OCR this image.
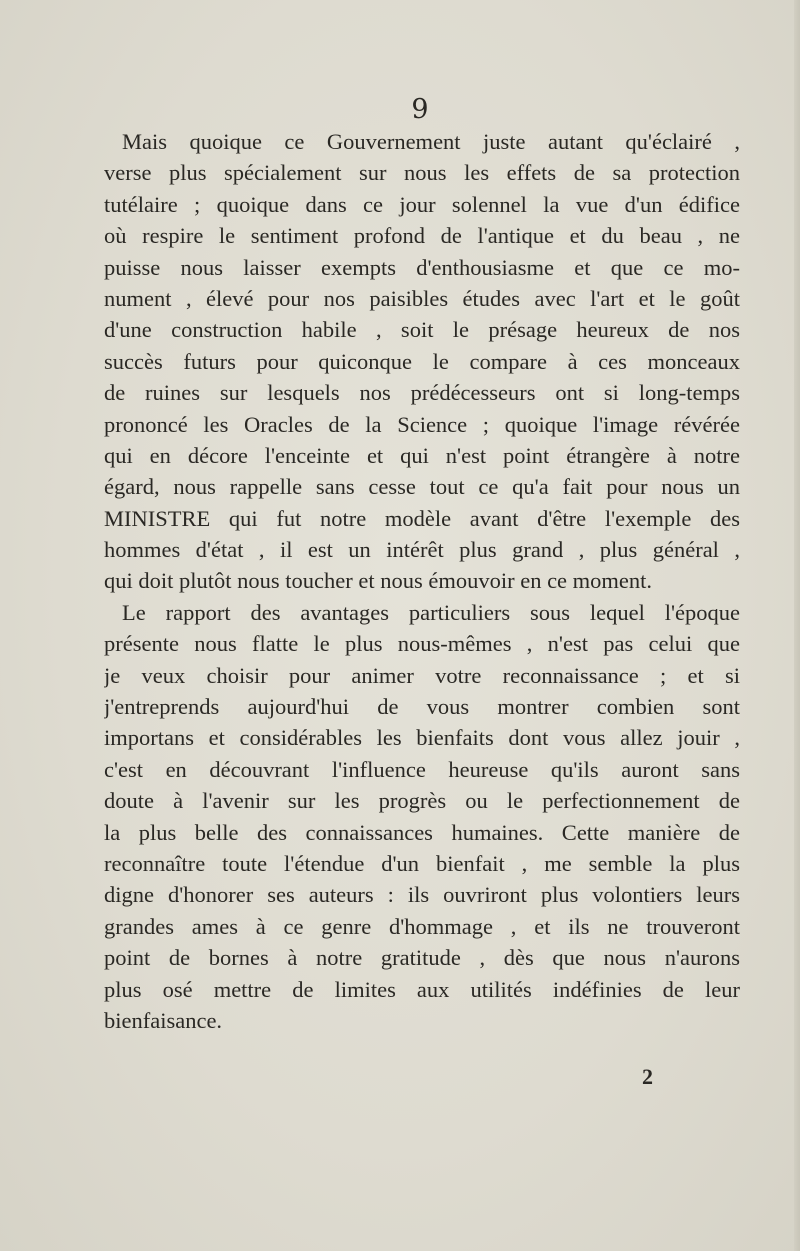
9
Mais quoique ce Gouvernement juste autant qu'éclairé ,
verse plus spécialement sur nous les effets de sa protection
tutélaire ; quoique dans ce jour solennel la vue d'un édifice
où respire le sentiment profond de l'antique et du beau , ne
puisse nous laisser exempts d'enthousiasme et que ce mo-
nument , élevé pour nos paisibles études avec l'art et le goût
d'une construction habile , soit le présage heureux de nos
succès futurs pour quiconque le compare à ces monceaux
de ruines sur lesquels nos prédécesseurs ont si long-temps
prononcé les Oracles de la Science ; quoique l'image révérée
qui en décore l'enceinte et qui n'est point étrangère à notre
égard, nous rappelle sans cesse tout ce qu'a fait pour nous un
MINISTRE qui fut notre modèle avant d'être l'exemple des
hommes d'état , il est un intérêt plus grand , plus général ,
qui doit plutôt nous toucher et nous émouvoir en ce moment.
Le rapport des avantages particuliers sous lequel l'époque
présente nous flatte le plus nous-mêmes , n'est pas celui que
je veux choisir pour animer votre reconnaissance ; et si
j'entreprends aujourd'hui de vous montrer combien sont
importans et considérables les bienfaits dont vous allez jouir ,
c'est en découvrant l'influence heureuse qu'ils auront sans
doute à l'avenir sur les progrès ou le perfectionnement de
la plus belle des connaissances humaines. Cette manière de
reconnaître toute l'étendue d'un bienfait , me semble la plus
digne d'honorer ses auteurs : ils ouvriront plus volontiers leurs
grandes ames à ce genre d'hommage , et ils ne trouveront
point de bornes à notre gratitude , dès que nous n'aurons
plus osé mettre de limites aux utilités indéfinies de leur
bienfaisance.
2
